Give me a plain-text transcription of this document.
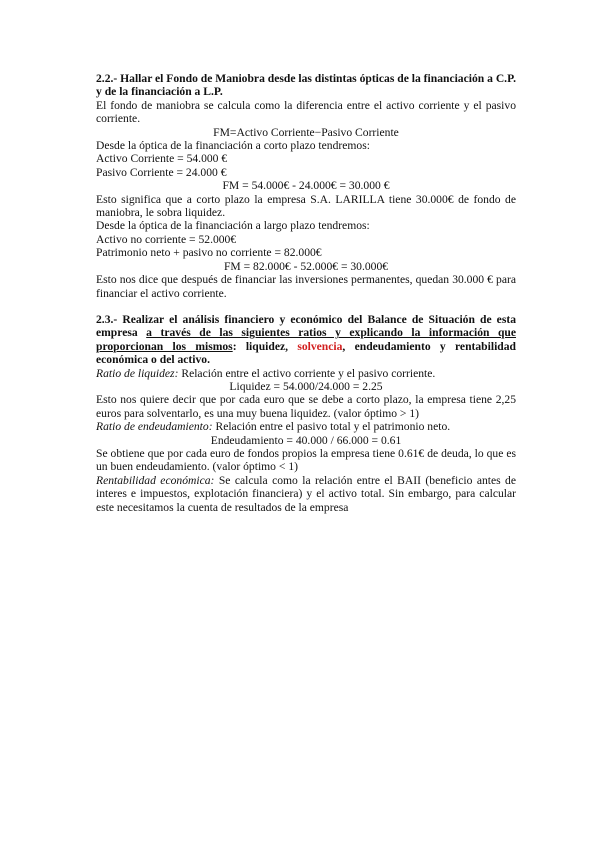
2.2.- Hallar el Fondo de Maniobra desde las distintas ópticas de la financiación a C.P. y de la financiación a L.P.

El fondo de maniobra se calcula como la diferencia entre el activo corriente y el pasivo corriente.

FM=Activo Corriente−Pasivo Corriente

Desde la óptica de la financiación a corto plazo tendremos:

Activo Corriente = 54.000 €

Pasivo Corriente = 24.000 €

FM = 54.000€ - 24.000€ = 30.000 €

Esto significa que a corto plazo la empresa S.A. LARILLA tiene 30.000€ de fondo de maniobra, le sobra liquidez.

Desde la óptica de la financiación a largo plazo tendremos:

Activo no corriente = 52.000€

Patrimonio neto + pasivo no corriente = 82.000€

FM = 82.000€ - 52.000€ = 30.000€

Esto nos dice que después de financiar las inversiones permanentes, quedan 30.000 € para financiar el activo corriente.

2.3.- Realizar el análisis financiero y económico del Balance de Situación de esta empresa a través de las siguientes ratios y explicando la información que proporcionan los mismos: liquidez, solvencia, endeudamiento y rentabilidad económica o del activo.

Ratio de liquidez: Relación entre el activo corriente y el pasivo corriente.

Liquidez = 54.000/24.000 = 2.25

Esto nos quiere decir que por cada euro que se debe a corto plazo, la empresa tiene 2,25 euros para solventarlo, es una muy buena liquidez. (valor óptimo > 1)

Ratio de endeudamiento: Relación entre el pasivo total y el patrimonio neto.

Endeudamiento = 40.000 / 66.000 = 0.61

Se obtiene que por cada euro de fondos propios la empresa tiene 0.61€ de deuda, lo que es un buen endeudamiento. (valor óptimo < 1)

Rentabilidad económica: Se calcula como la relación entre el BAII (beneficio antes de interes e impuestos, explotación financiera) y el activo total. Sin embargo, para calcular este necesitamos la cuenta de resultados de la empresa
